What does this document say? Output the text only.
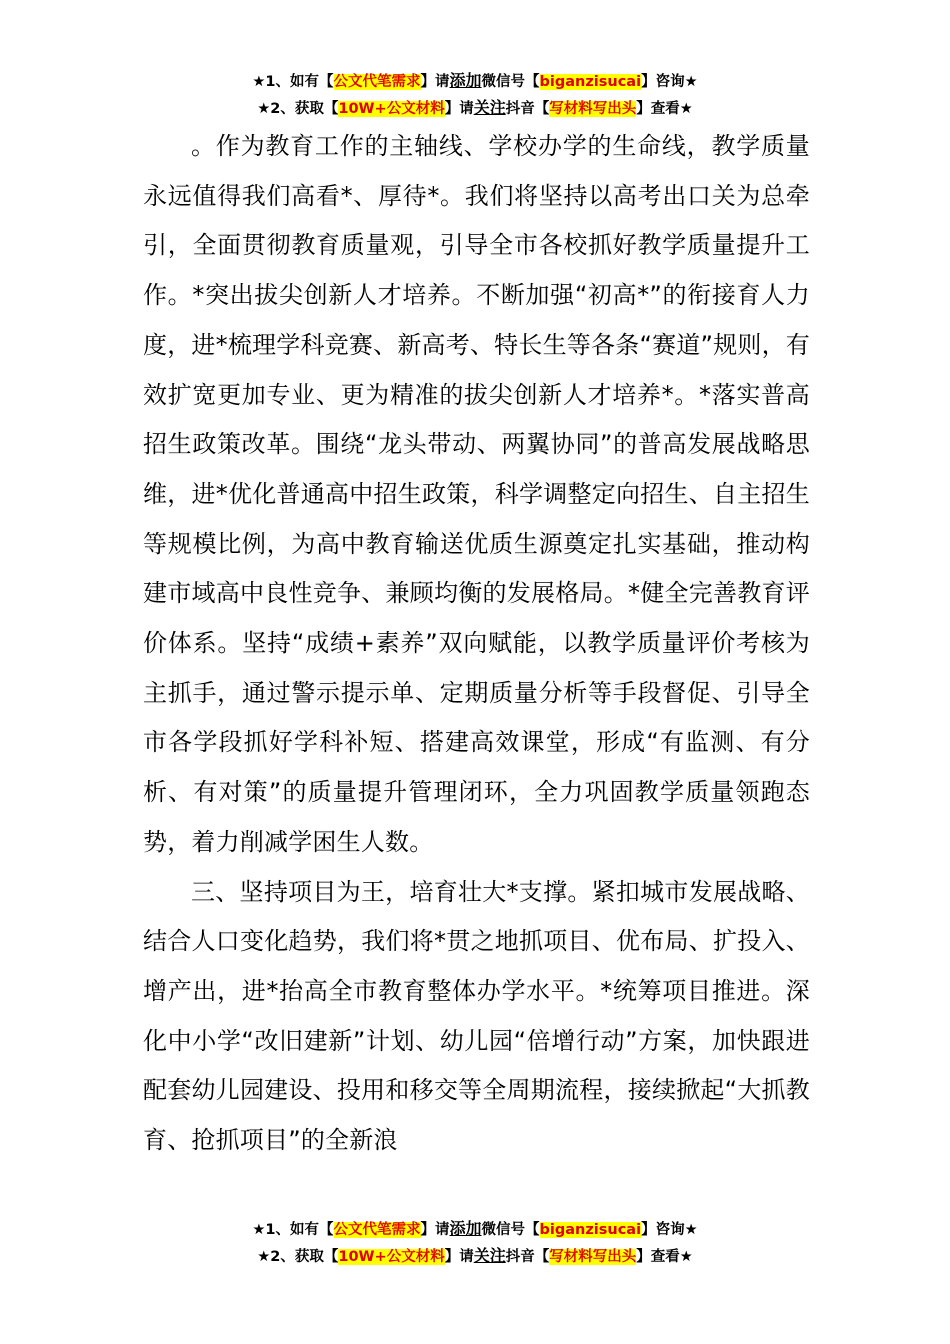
★1、如有【公文代笔需求】请添加微信号【biganzisucai】咨询★
★2、获取【10W+公文材料】请关注抖音【写材料写出头】查看★

。作为教育工作的主轴线、学校办学的生命线，教学质量永远值得我们高看*、厚待*。我们将坚持以高考出口关为总牵引，全面贯彻教育质量观，引导全市各校抓好教学质量提升工作。*突出拔尖创新人才培养。不断加强“初高*”的衔接育人力度，进*梳理学科竞赛、新高考、特长生等各条“赛道”规则，有效扩宽更加专业、更为精准的拔尖创新人才培养*。*落实普高招生政策改革。围绕“龙头带动、两翼协同”的普高发展战略思维，进*优化普通高中招生政策，科学调整定向招生、自主招生等规模比例，为高中教育输送优质生源奠定扎实基础，推动构建市域高中良性竞争、兼顾均衡的发展格局。*健全完善教育评价体系。坚持“成绩+素养”双向赋能，以教学质量评价考核为主抓手，通过警示提示单、定期质量分析等手段督促、引导全市各学段抓好学科补短、搭建高效课堂，形成“有监测、有分析、有对策”的质量提升管理闭环，全力巩固教学质量领跑态势，着力削减学困生人数。

三、坚持项目为王，培育壮大*支撑。紧扣城市发展战略、结合人口变化趋势，我们将*贯之地抓项目、优布局、扩投入、增产出，进*抬高全市教育整体办学水平。*统筹项目推进。深化中小学“改旧建新”计划、幼儿园“倍增行动”方案，加快跟进配套幼儿园建设、投用和移交等全周期流程，接续掀起“大抓教育、抢抓项目”的全新浪

★1、如有【公文代笔需求】请添加微信号【biganzisucai】咨询★
★2、获取【10W+公文材料】请关注抖音【写材料写出头】查看★
